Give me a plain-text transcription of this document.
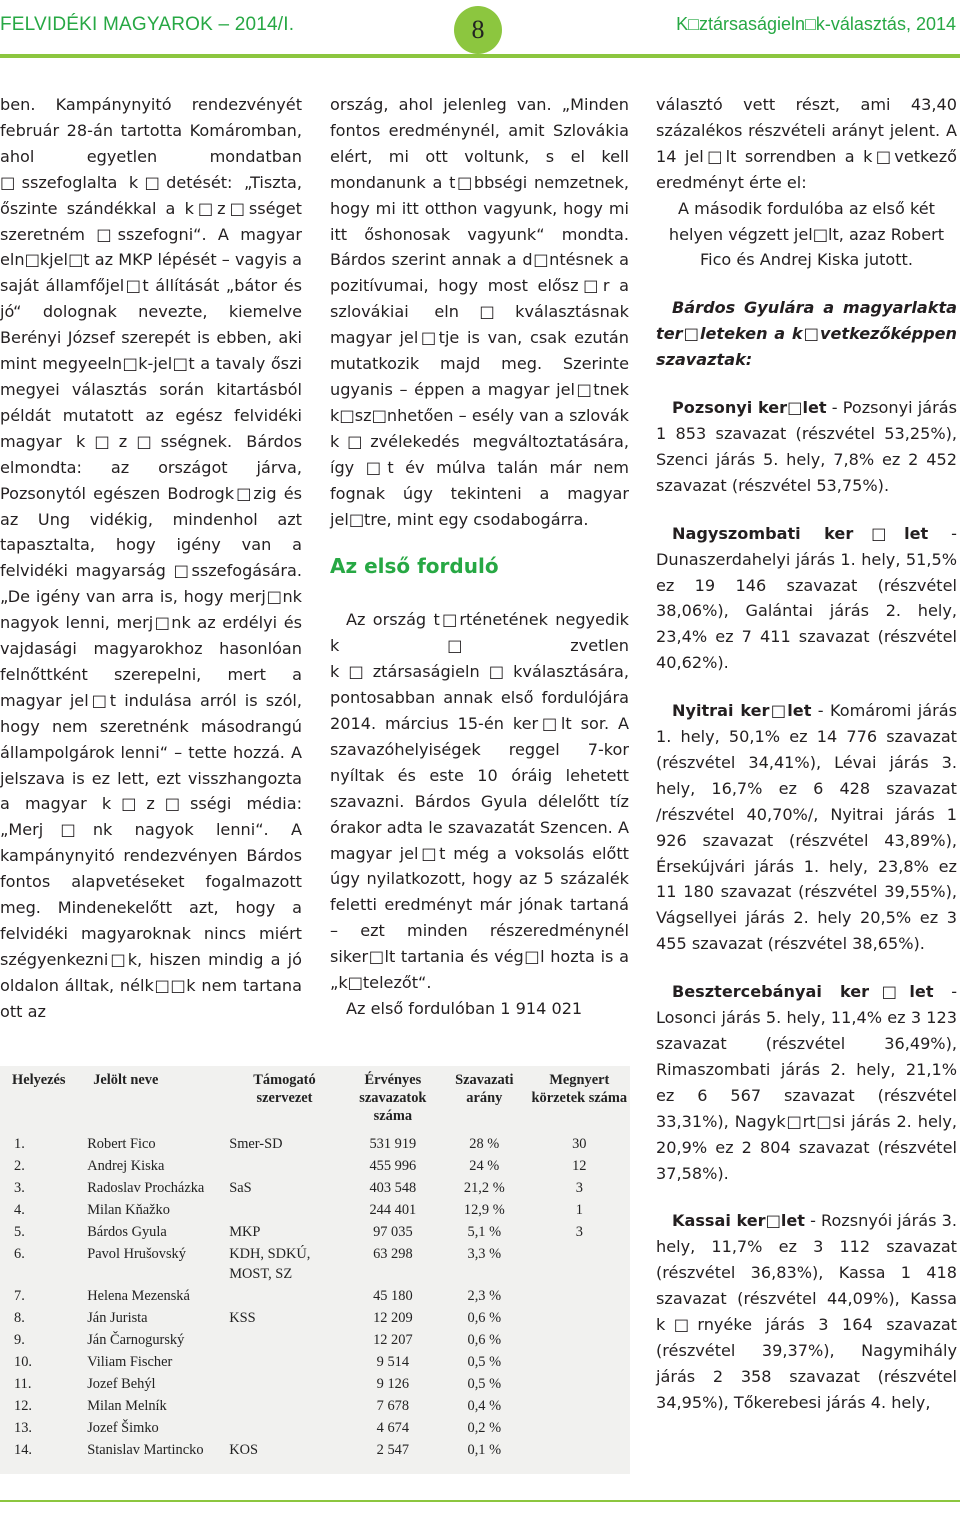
FELVIDÉKI MAGYAROK – 2014/I.	8	K□ztársaságieln□k-választás, 2014

ben. Kampánynyitó rendezvényét február 28-án tartotta Komáromban, ahol egyetlen mondatban □sszefoglalta k□detését: „Tiszta, őszinte szándékkal a k□z□sséget szeretném □sszefogni“. A magyar eln□kjel□t az MKP lépését – vagyis a saját államfőjel□t állítását „bátor és jó“ dolognak nevezte, kiemelve Berényi József szerepét is ebben, aki mint megyeeln□k-jel□t a tavaly őszi megyei választás során kitartásból példát mutatott az egész felvidéki magyar k□z□sségnek. Bárdos elmondta: az országot járva, Pozsonytól egészen Bodrogk□zig és az Ung vidékig, mindenhol azt tapasztalta, hogy igény van a felvidéki magyarság □sszefogására. „De igény van arra is, hogy merj□nk nagyok lenni, merj□nk az erdélyi és vajdasági magyarokhoz hasonlóan felnőttként szerepelni, mert a magyar jel□t indulása arról is szól, hogy nem szeretnénk másodrangú állampolgárok lenni“ – tette hozzá. A jelszava is ez lett, ezt visszhangozta a magyar k□z□sségi média: „Merj□nk nagyok lenni“. A kampánynyitó rendezvényen Bárdos fontos alapvetéseket fogalmazott meg. Mindenekelőtt azt, hogy a felvidéki magyaroknak nincs miért szégyenkezni□k, hiszen mindig a jó oldalon álltak, nélk□□k nem tartana ott az

ország, ahol jelenleg van. „Minden fontos eredménynél, amit Szlovákia elért, mi ott voltunk, s el kell mondanunk a t□bbségi nemzetnek, hogy mi itt otthon vagyunk, hogy mi itt őshonosak vagyunk“ mondta. Bárdos szerint annak a d□ntésnek a pozitívumai, hogy most elősz□r a szlovákiai eln□kválasztásnak magyar jel□tje is van, csak ezután mutatkozik majd meg. Szerinte ugyanis – éppen a magyar jel□tnek k□sz□nhetően – esély van a szlovák k□zvélekedés megváltoztatására, így □t év múlva talán már nem fognak úgy tekinteni a magyar jel□tre, mint egy csodabogárra.

Az első forduló

Az ország t□rténetének negyedik k□zvetlen k□ztársaságieln□kválasztására, pontosabban annak első fordulójára 2014. március 15-én ker□lt sor. A szavazóhelyiségek reggel 7-kor nyíltak és este 10 óráig lehetett szavazni. Bárdos Gyula délelőtt tíz órakor adta le szavazatát Szencen. A magyar jel□t még a voksolás előtt úgy nyilatkozott, hogy az 5 százalék feletti eredményt már jónak tartaná – ezt minden részeredménynél siker□lt tartania és vég□l hozta is a „k□telezőt“.

Az első fordulóban 1 914 021

választó vett részt, ami 43,40 százalékos részvételi arányt jelent. A 14 jel□lt sorrendben a k□vetkező eredményt érte el:

A második fordulóba az első két helyen végzett jel□lt, azaz Robert Fico és Andrej Kiska jutott.

Bárdos Gyulára a magyarlakta ter□leteken a k□vetkezőképpen szavaztak:

Pozsonyi ker□let - Pozsonyi járás 1 853 szavazat (részvétel 53,25%), Szenci járás 5. hely, 7,8% ez 2 452 szavazat (részvétel 53,75%).

Nagyszombati ker□let - Dunaszerdahelyi járás 1. hely, 51,5% ez 19 146 szavazat (részvétel 38,06%), Galántai járás 2. hely, 23,4% ez 7 411 szavazat (részvétel 40,62%).

Nyitrai ker□let - Komáromi járás 1. hely, 50,1% ez 14 776 szavazat (részvétel 34,41%), Lévai járás 3. hely, 16,7% ez 6 428 szavazat /részvétel 40,70%/, Nyitrai járás 1 926 szavazat (részvétel 43,89%), Érsekújvári járás 1. hely, 23,8% ez 11 180 szavazat (részvétel 39,55%), Vágsellyei járás 2. hely 20,5% ez 3 455 szavazat (részvétel 38,65%).

Besztercebányai ker□let - Losonci járás 5. hely, 11,4% ez 3 123 szavazat (részvétel 36,49%), Rimaszombati járás 2. hely, 21,1% ez 6 567 szavazat (részvétel 33,31%), Nagyk□rt□si járás 2. hely, 20,9% ez 2 804 szavazat (részvétel 37,58%).

Kassai ker□let - Rozsnyói járás 3. hely, 11,7% ez 3 112 szavazat (részvétel 36,83%), Kassa 1 418 szavazat (részvétel 44,09%), Kassa k□rnyéke járás 3 164 szavazat (részvétel 39,37%), Nagymihály járás 2 358 szavazat (részvétel 34,95%), Tőkerebesi járás 4. hely,

Helyezés	Jelölt neve	Támogató szervezet	Érvényes szavazatok száma	Szavazati arány	Megnyert körzetek száma
1.	Robert Fico	Smer-SD	531 919	28 %	30
2.	Andrej Kiska		455 996	24 %	12
3.	Radoslav Procházka	SaS	403 548	21,2 %	3
4.	Milan Kňažko		244 401	12,9 %	1
5.	Bárdos Gyula	MKP	97 035	5,1 %	3
6.	Pavol Hrušovský	KDH, SDKÚ, MOST, SZ	63 298	3,3 %	
7.	Helena Mezenská		45 180	2,3 %	
8.	Ján Jurista	KSS	12 209	0,6 %	
9.	Ján Čarnogurský		12 207	0,6 %	
10.	Viliam Fischer		9 514	0,5 %	
11.	Jozef Behýl		9 126	0,5 %	
12.	Milan Melník		7 678	0,4 %	
13.	Jozef Šimko		4 674	0,2 %	
14.	Stanislav Martincko	KOS	2 547	0,1 %	
